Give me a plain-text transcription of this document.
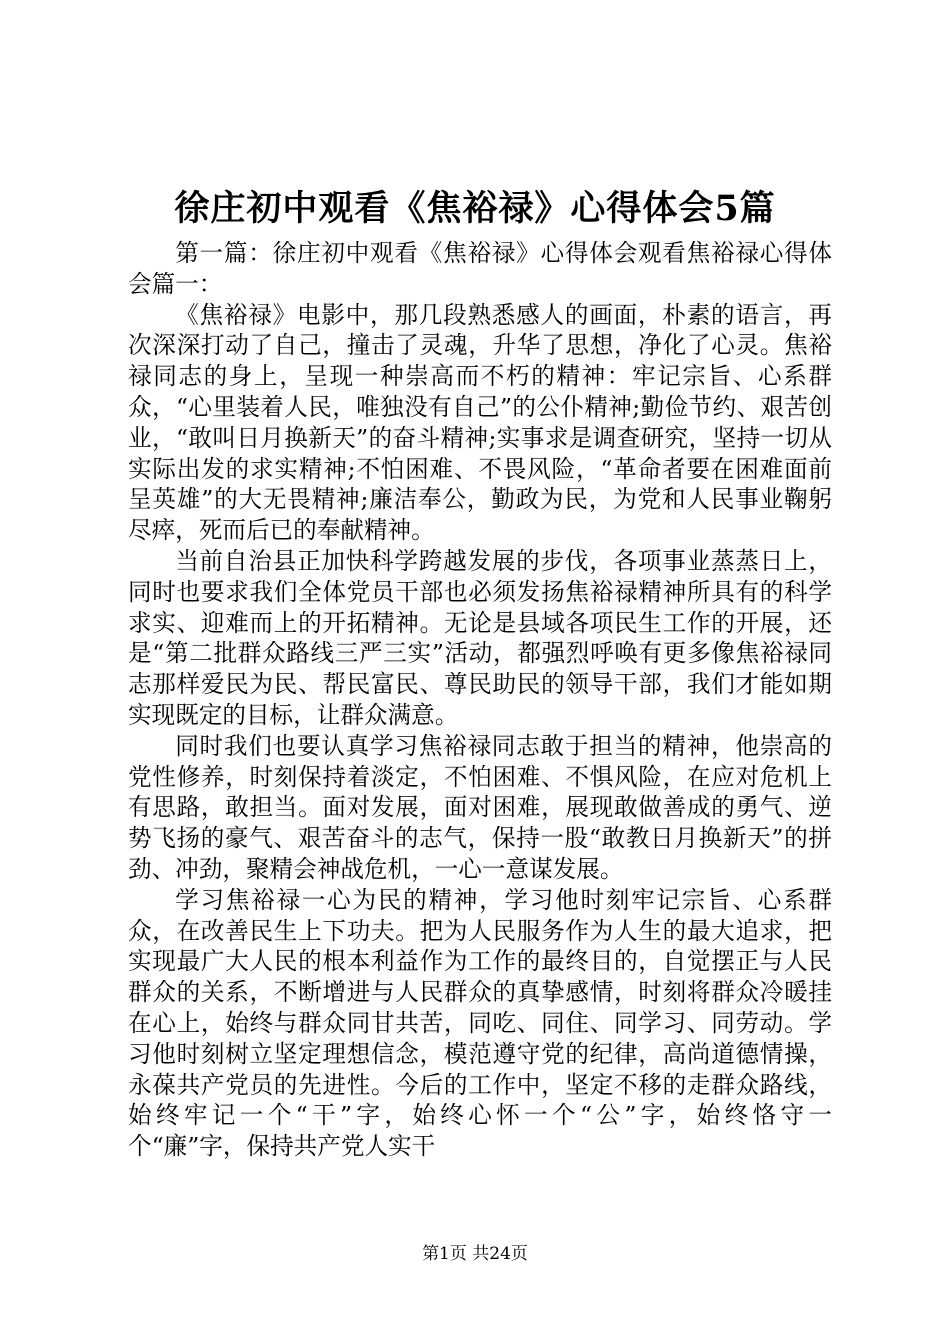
徐庄初中观看《焦裕禄》心得体会5篇

第一篇：徐庄初中观看《焦裕禄》心得体会观看焦裕禄心得体会篇一：

《焦裕禄》电影中，那几段熟悉感人的画面，朴素的语言，再次深深打动了自己，撞击了灵魂，升华了思想，净化了心灵。焦裕禄同志的身上，呈现一种崇高而不朽的精神：牢记宗旨、心系群众，“心里装着人民，唯独没有自己”的公仆精神;勤俭节约、艰苦创业，“敢叫日月换新天”的奋斗精神;实事求是调查研究，坚持一切从实际出发的求实精神;不怕困难、不畏风险，“革命者要在困难面前呈英雄”的大无畏精神;廉洁奉公，勤政为民，为党和人民事业鞠躬尽瘁，死而后已的奉献精神。

当前自治县正加快科学跨越发展的步伐，各项事业蒸蒸日上，同时也要求我们全体党员干部也必须发扬焦裕禄精神所具有的科学求实、迎难而上的开拓精神。无论是县域各项民生工作的开展，还是“第二批群众路线三严三实”活动，都强烈呼唤有更多像焦裕禄同志那样爱民为民、帮民富民、尊民助民的领导干部，我们才能如期实现既定的目标，让群众满意。

同时我们也要认真学习焦裕禄同志敢于担当的精神，他崇高的党性修养，时刻保持着淡定，不怕困难、不惧风险，在应对危机上有思路，敢担当。面对发展，面对困难，展现敢做善成的勇气、逆势飞扬的豪气、艰苦奋斗的志气，保持一股“敢教日月换新天”的拼劲、冲劲，聚精会神战危机，一心一意谋发展。

学习焦裕禄一心为民的精神，学习他时刻牢记宗旨、心系群众，在改善民生上下功夫。把为人民服务作为人生的最大追求，把实现最广大人民的根本利益作为工作的最终目的，自觉摆正与人民群众的关系，不断增进与人民群众的真挚感情，时刻将群众冷暖挂在心上，始终与群众同甘共苦，同吃、同住、同学习、同劳动。学习他时刻树立坚定理想信念，模范遵守党的纪律，高尚道德情操，永葆共产党员的先进性。今后的工作中，坚定不移的走群众路线，始终牢记一个“干”字，始终心怀一个“公”字，始终恪守一个“廉”字，保持共产党人实干

第1页 共24页
